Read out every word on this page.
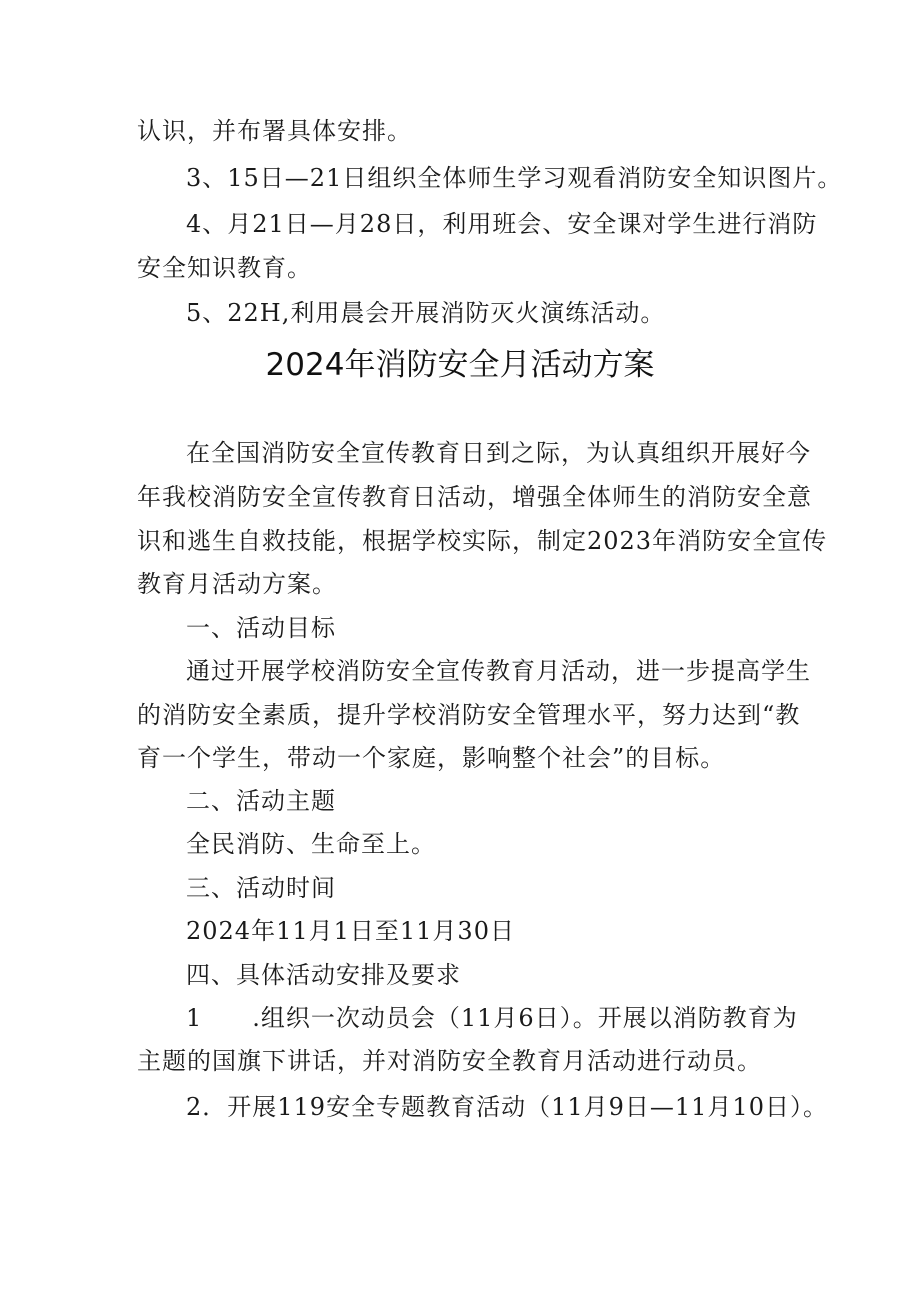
认识，并布署具体安排。
3、15日—21日组织全体师生学习观看消防安全知识图片。
4、月21日—月28日，利用班会、安全课对学生进行消防
安全知识教育。
5、22H,利用晨会开展消防灭火演练活动。
2024年消防安全月活动方案
在全国消防安全宣传教育日到之际，为认真组织开展好今
年我校消防安全宣传教育日活动，增强全体师生的消防安全意
识和逃生自救技能，根据学校实际，制定2023年消防安全宣传
教育月活动方案。
一、活动目标
通过开展学校消防安全宣传教育月活动，进一步提高学生
的消防安全素质，提升学校消防安全管理水平，努力达到“教
育一个学生，带动一个家庭，影响整个社会”的目标。
二、活动主题
全民消防、生命至上。
三、活动时间
2024年11月1日至11月30日
四、具体活动安排及要求
1　　.组织一次动员会（11月6日）。开展以消防教育为
主题的国旗下讲话，并对消防安全教育月活动进行动员。
2．开展119安全专题教育活动（11月9日—11月10日）。
